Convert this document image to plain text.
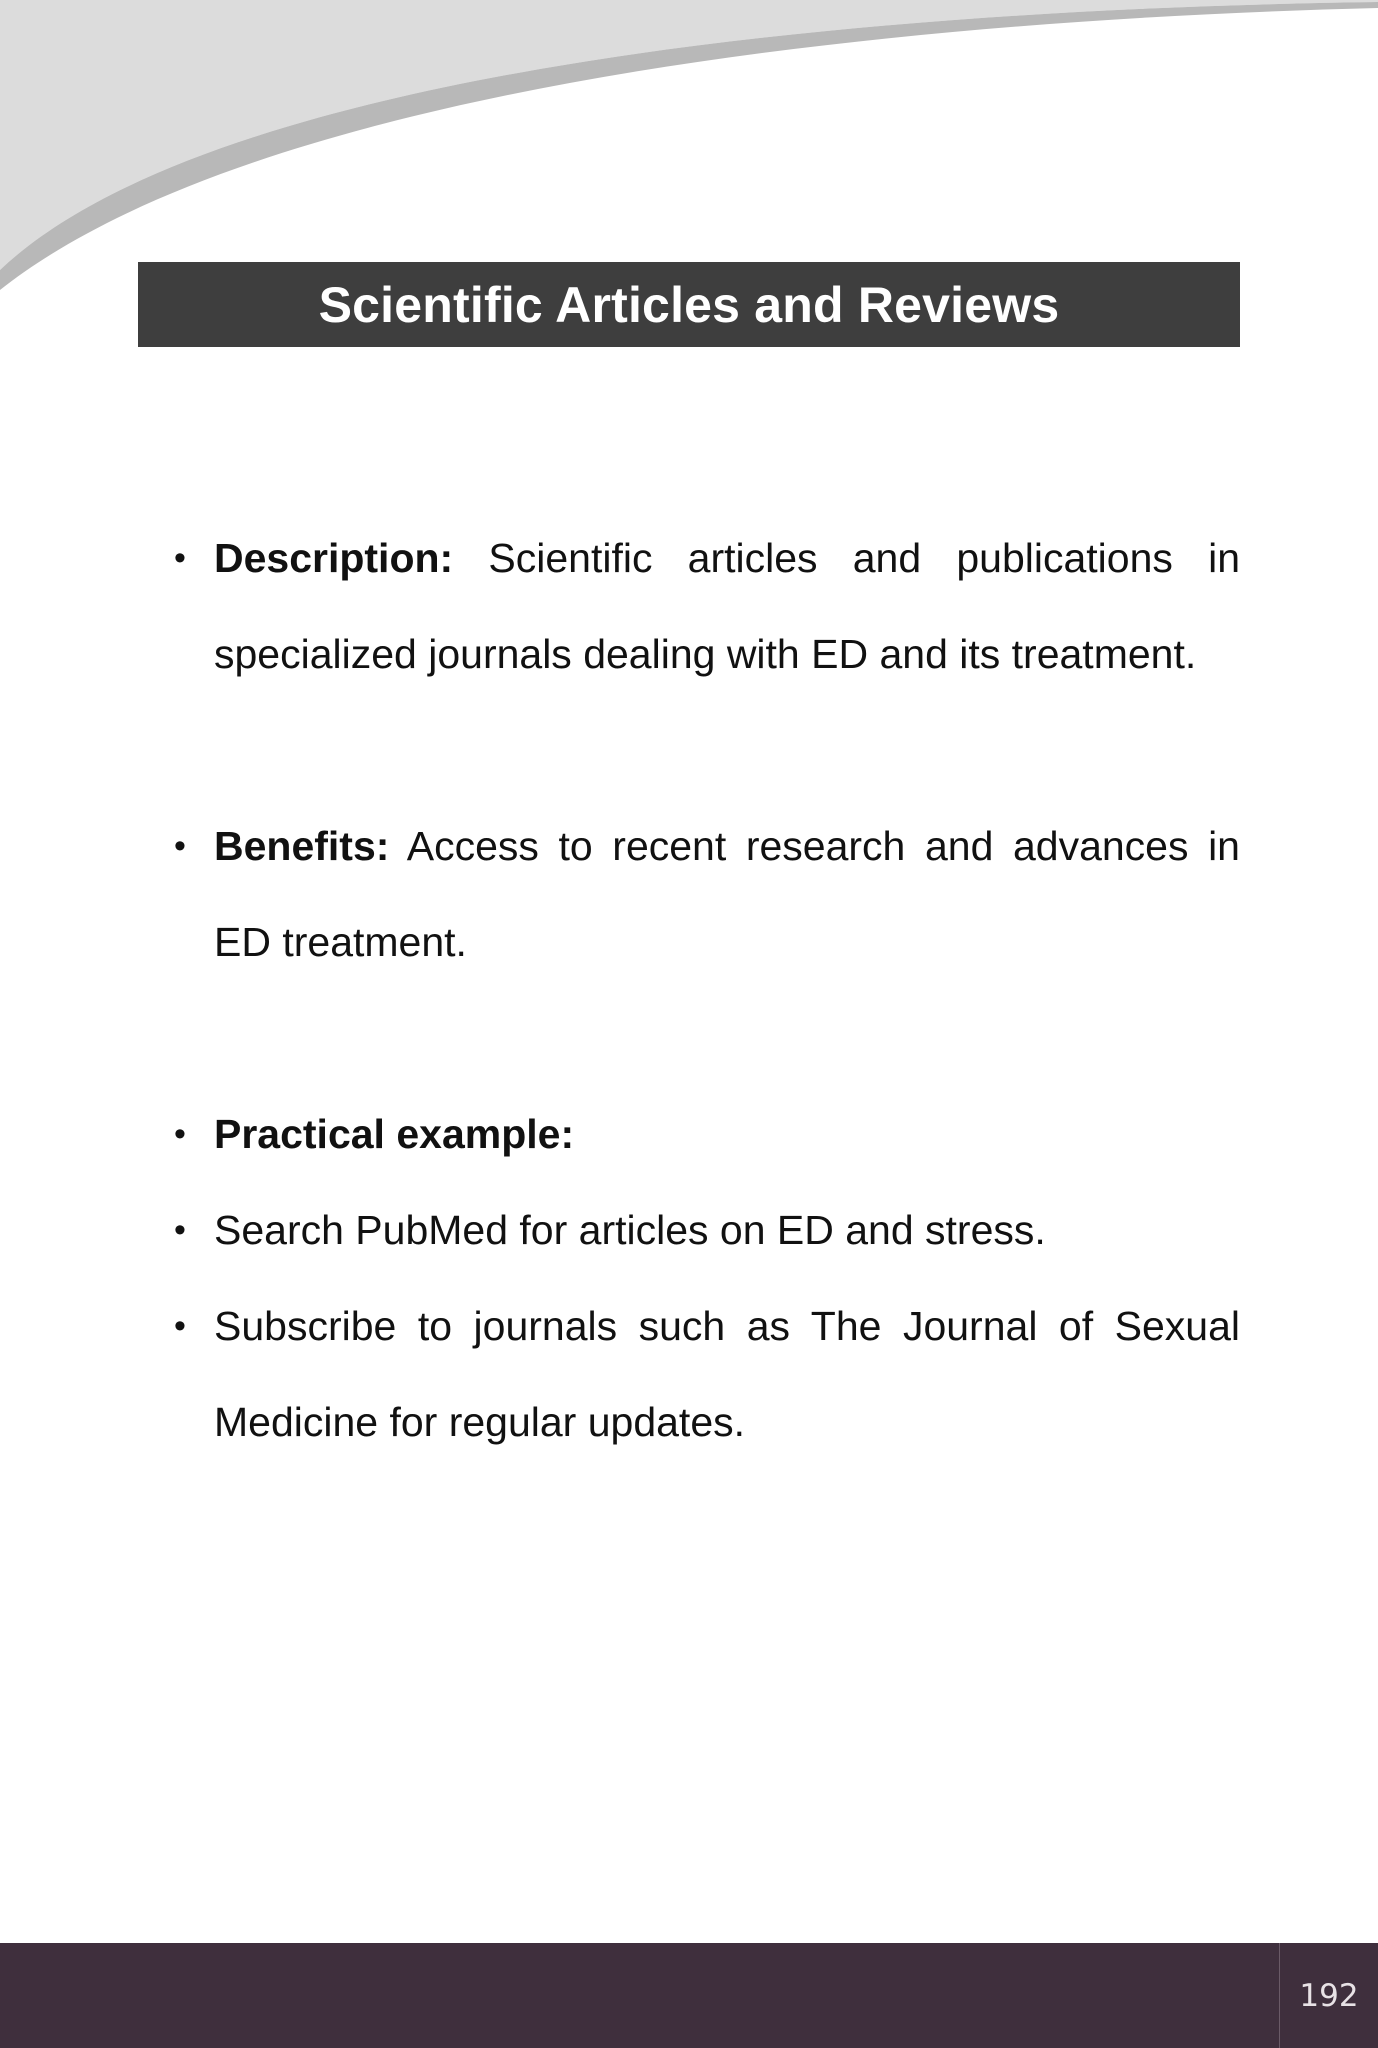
Scientific Articles and Reviews
• Description: Scientific articles and publications in specialized journals dealing with ED and its treatment.
• Benefits: Access to recent research and advances in ED treatment.
• Practical example:
• Search PubMed for articles on ED and stress.
• Subscribe to journals such as The Journal of Sexual Medicine for regular updates.
192
